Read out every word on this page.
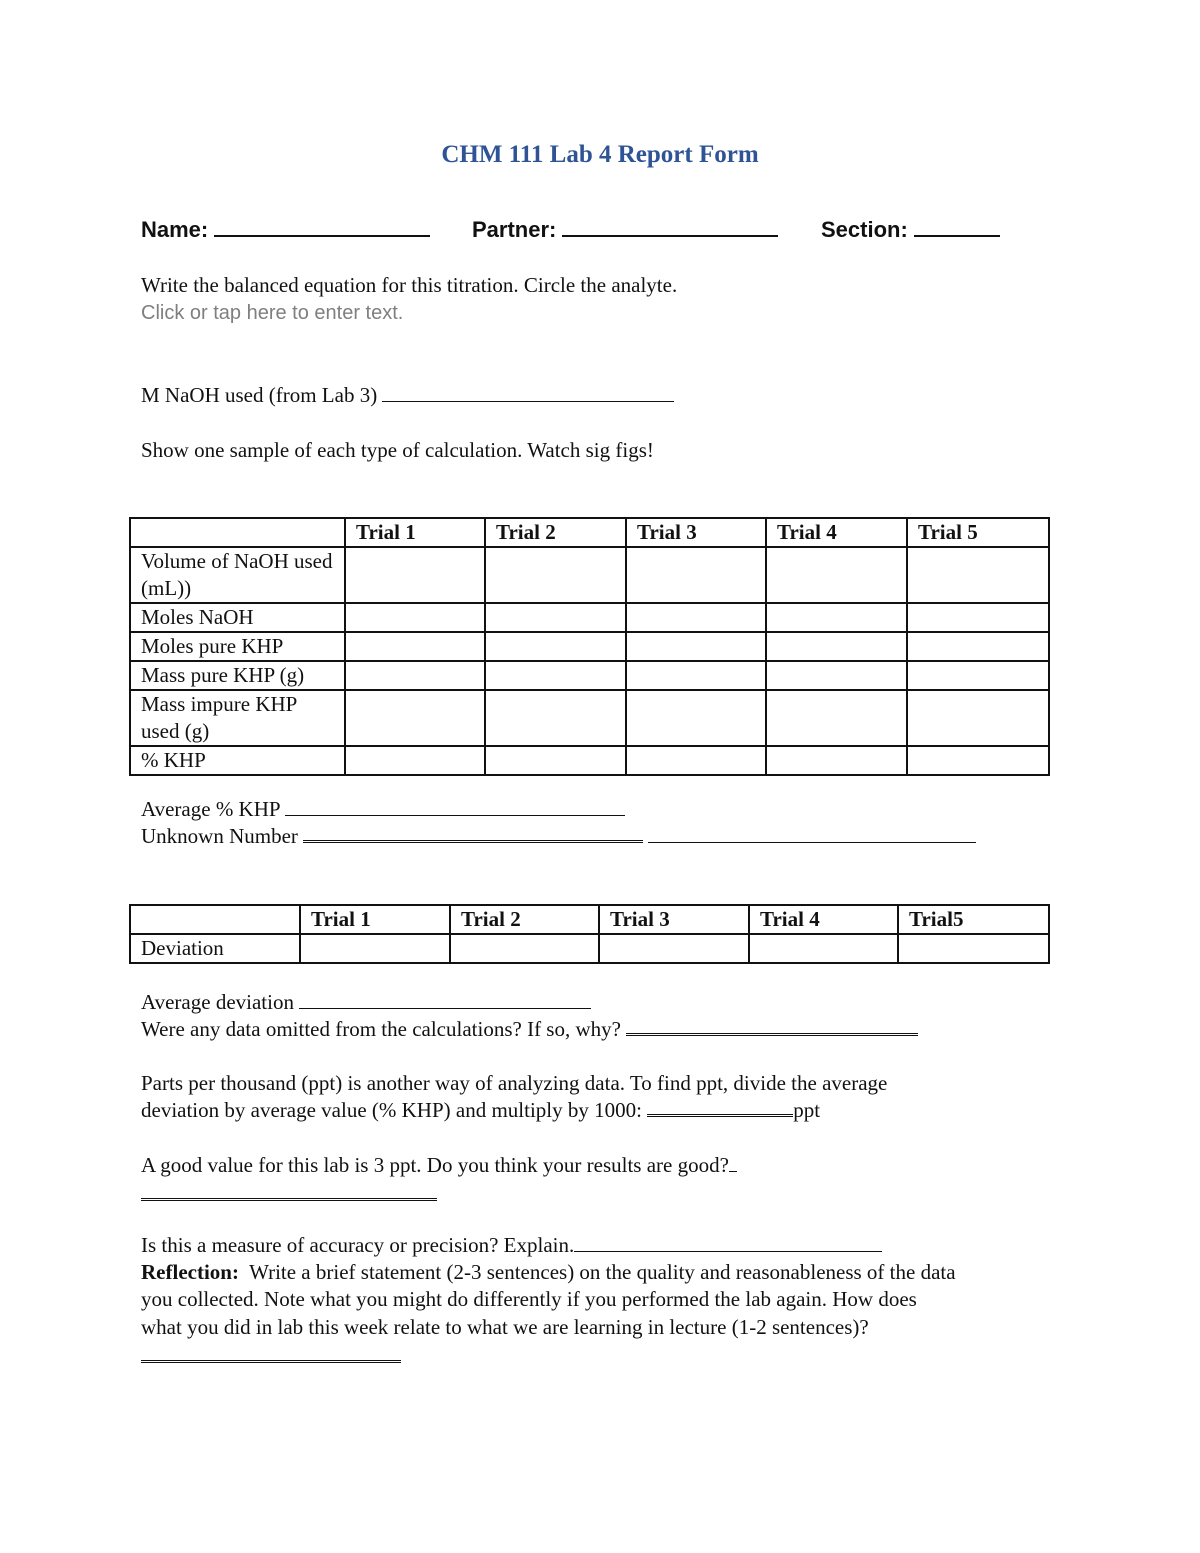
CHM 111 Lab 4 Report Form
Name:	Partner:	Section:
Write the balanced equation for this titration. Circle the analyte.
Click or tap here to enter text.
M NaOH used (from Lab 3)
Show one sample of each type of calculation. Watch sig figs!
	Trial 1	Trial 2	Trial 3	Trial 4	Trial 5
Volume of NaOH used (mL))					
Moles NaOH					
Moles pure KHP					
Mass pure KHP (g)					
Mass impure KHP used (g)					
% KHP					
Average % KHP
Unknown Number
	Trial 1	Trial 2	Trial 3	Trial 4	Trial5
Deviation					
Average deviation
Were any data omitted from the calculations? If so, why?
Parts per thousand (ppt) is another way of analyzing data. To find ppt, divide the average
deviation by average value (% KHP) and multiply by 1000:	ppt
A good value for this lab is 3 ppt. Do you think your results are good?
Is this a measure of accuracy or precision? Explain.
Reflection: Write a brief statement (2-3 sentences) on the quality and reasonableness of the data
you collected. Note what you might do differently if you performed the lab again. How does
what you did in lab this week relate to what we are learning in lecture (1-2 sentences)?
